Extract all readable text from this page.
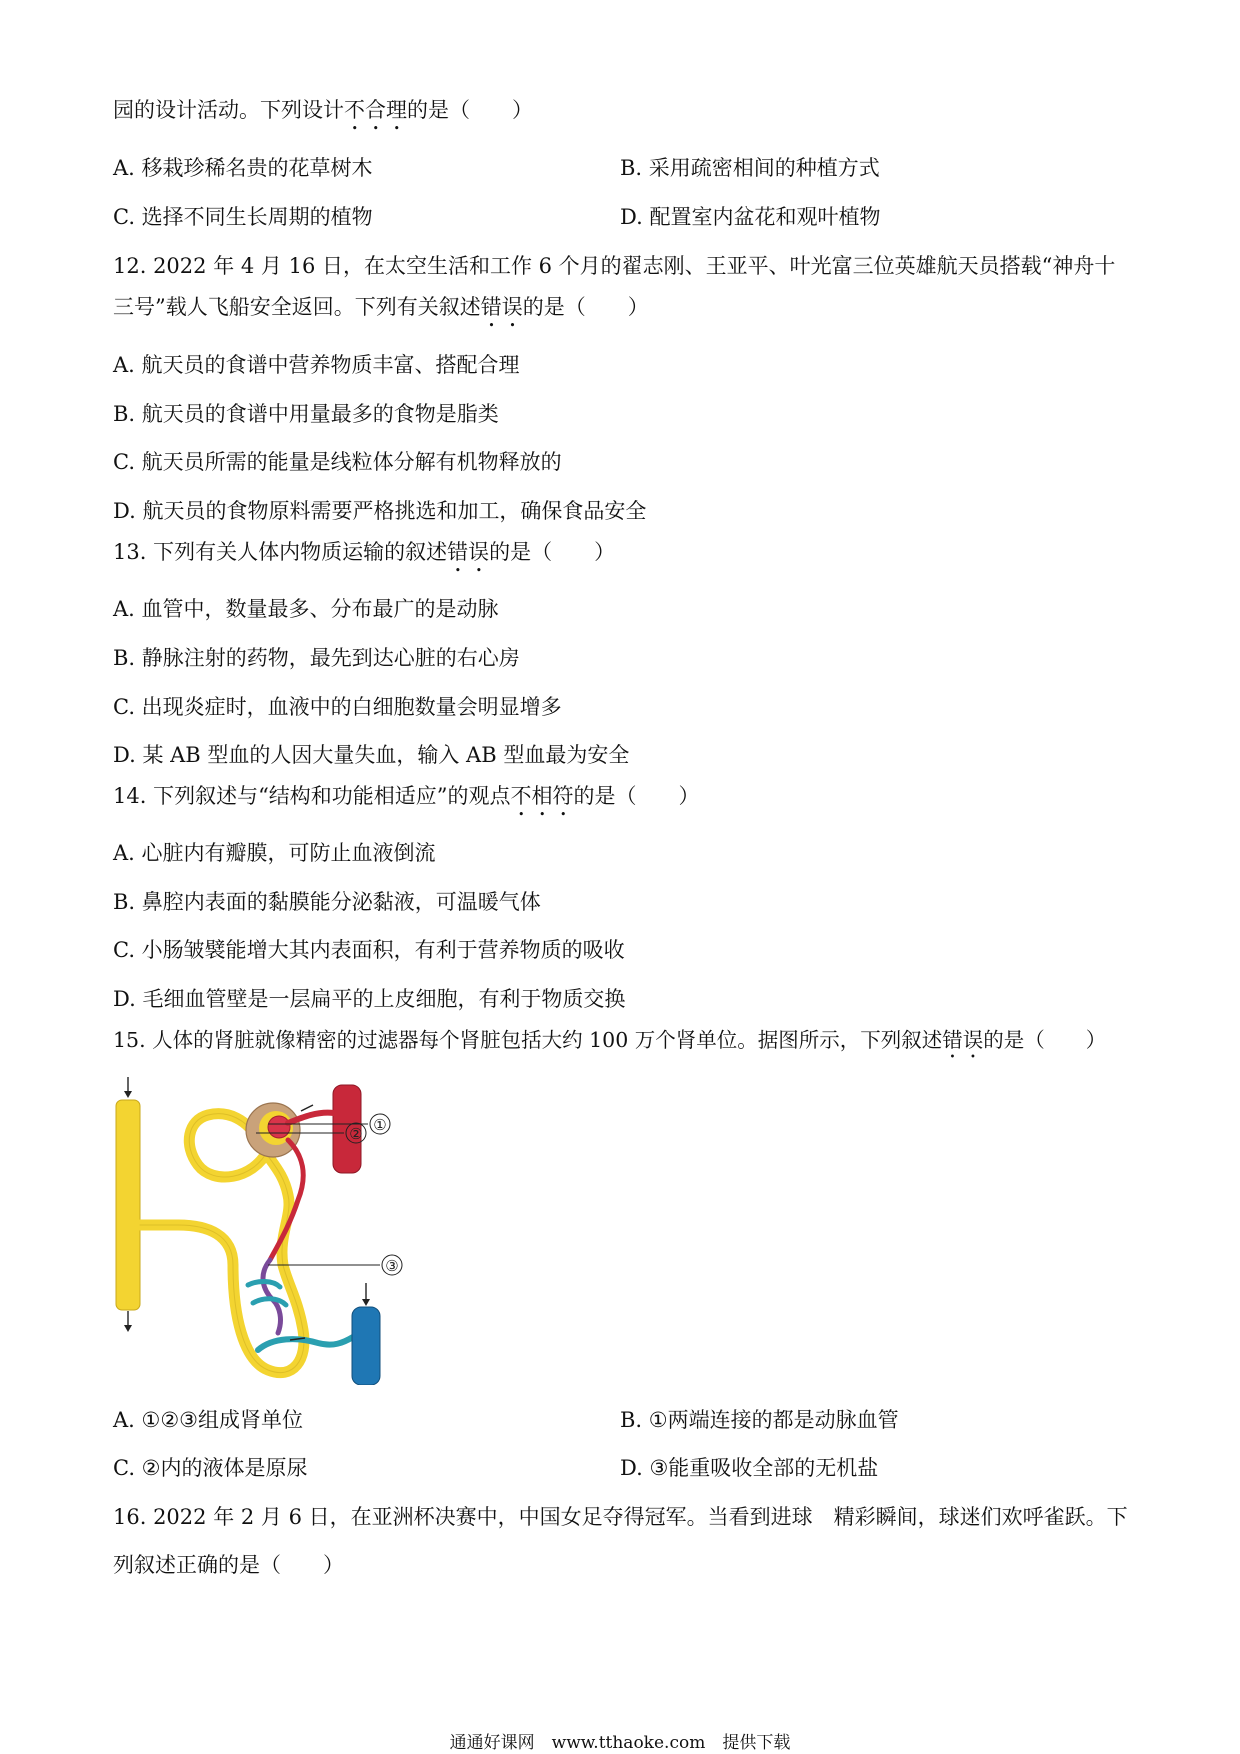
园的设计活动。下列设计不合理的是（　　）
A. 移栽珍稀名贵的花草树木	B. 采用疏密相间的种植方式
C. 选择不同生长周期的植物	D. 配置室内盆花和观叶植物
12. 2022 年 4 月 16 日，在太空生活和工作 6 个月的翟志刚、王亚平、叶光富三位英雄航天员搭载“神舟十
三号”载人飞船安全返回。下列有关叙述错误的是（　　）
A. 航天员的食谱中营养物质丰富、搭配合理
B. 航天员的食谱中用量最多的食物是脂类
C. 航天员所需的能量是线粒体分解有机物释放的
D. 航天员的食物原料需要严格挑选和加工，确保食品安全
13. 下列有关人体内物质运输的叙述错误的是（　　）
A. 血管中，数量最多、分布最广的是动脉
B. 静脉注射的药物，最先到达心脏的右心房
C. 出现炎症时，血液中的白细胞数量会明显增多
D. 某 AB 型血的人因大量失血，输入 AB 型血最为安全
14. 下列叙述与“结构和功能相适应”的观点不相符的是（　　）
A. 心脏内有瓣膜，可防止血液倒流
B. 鼻腔内表面的黏膜能分泌黏液，可温暖气体
C. 小肠皱襞能增大其内表面积，有利于营养物质的吸收
D. 毛细血管壁是一层扁平的上皮细胞，有利于物质交换
15. 人体的肾脏就像精密的过滤器每个肾脏包括大约 100 万个肾单位。据图所示，下列叙述错误的是（　　）
①
②
③
A. ①②③组成肾单位	B. ①两端连接的都是动脉血管
C. ②内的液体是原尿	D. ③能重吸收全部的无机盐
16. 2022 年 2 月 6 日，在亚洲杯决赛中，中国女足夺得冠军。当看到进球　精彩瞬间，球迷们欢呼雀跃。下
列叙述正确的是（　　）
通通好课网　www.tthaoke.com　提供下载
